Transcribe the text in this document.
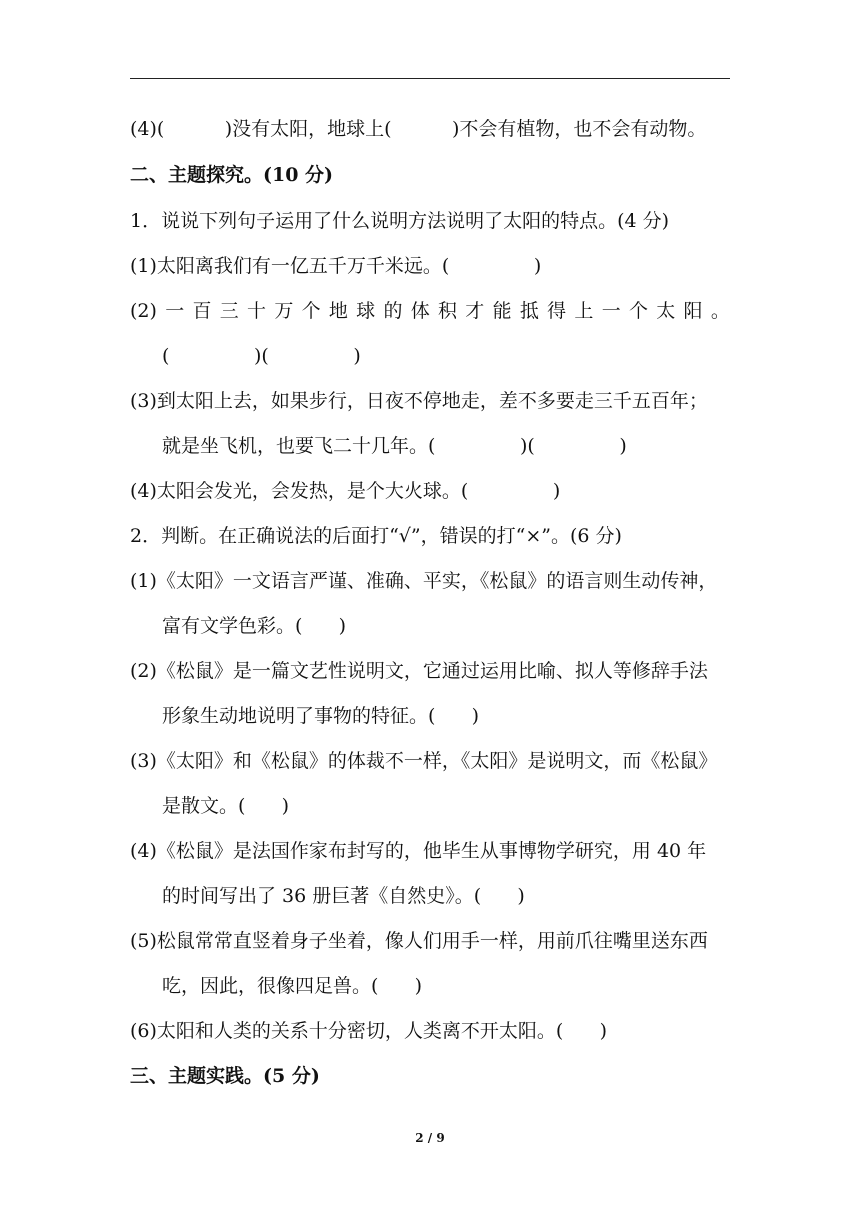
(4)(          )没有太阳，地球上(          )不会有植物，也不会有动物。
二、主题探究。(10 分)
1．说说下列句子运用了什么说明方法说明了太阳的特点。(4 分)
(1)太阳离我们有一亿五千万千米远。(              )
(2) 一 百 三 十 万 个 地 球 的 体 积 才 能 抵 得 上 一 个 太 阳 。
(              )(              )
(3)到太阳上去，如果步行，日夜不停地走，差不多要走三千五百年；
就是坐飞机，也要飞二十几年。(              )(              )
(4)太阳会发光，会发热，是个大火球。(              )
2．判断。在正确说法的后面打“√”，错误的打“×”。(6 分)
(1)《太阳》一文语言严谨、准确、平实，《松鼠》的语言则生动传神，
富有文学色彩。(      )
(2)《松鼠》是一篇文艺性说明文，它通过运用比喻、拟人等修辞手法
形象生动地说明了事物的特征。(      )
(3)《太阳》和《松鼠》的体裁不一样，《太阳》是说明文，而《松鼠》
是散文。(      )
(4)《松鼠》是法国作家布封写的，他毕生从事博物学研究，用 40 年
的时间写出了 36 册巨著《自然史》。(      )
(5)松鼠常常直竖着身子坐着，像人们用手一样，用前爪往嘴里送东西
吃，因此，很像四足兽。(      )
(6)太阳和人类的关系十分密切，人类离不开太阳。(      )
三、主题实践。(5 分)
2 / 9
